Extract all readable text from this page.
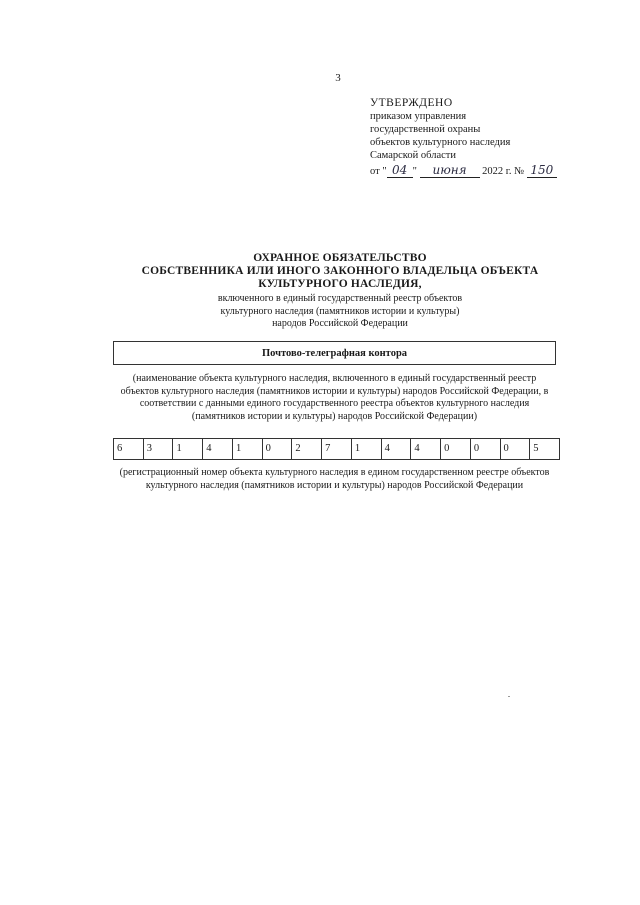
3
УТВЕРЖДЕНО
приказом управления
государственной охраны
объектов культурного наследия
Самарской области
от " 04 " июня 2022 г. № 150
ОХРАННОЕ ОБЯЗАТЕЛЬСТВО
СОБСТВЕННИКА ИЛИ ИНОГО ЗАКОННОГО ВЛАДЕЛЬЦА ОБЪЕКТА
КУЛЬТУРНОГО НАСЛЕДИЯ,
включенного в единый государственный реестр объектов
культурного наследия (памятников истории и культуры)
народов Российской Федерации
Почтово-телеграфная контора
(наименование объекта культурного наследия, включенного в единый государственный реестр объектов культурного наследия (памятников истории и культуры) народов Российской Федерации, в соответствии с данными единого государственного реестра объектов культурного наследия (памятников истории и культуры) народов Российской Федерации)
6	3	1	4	1	0	2	7	1	4	4	0	0	0	5
(регистрационный номер объекта культурного наследия в едином государственном реестре объектов культурного наследия (памятников истории и культуры) народов Российской Федерации
